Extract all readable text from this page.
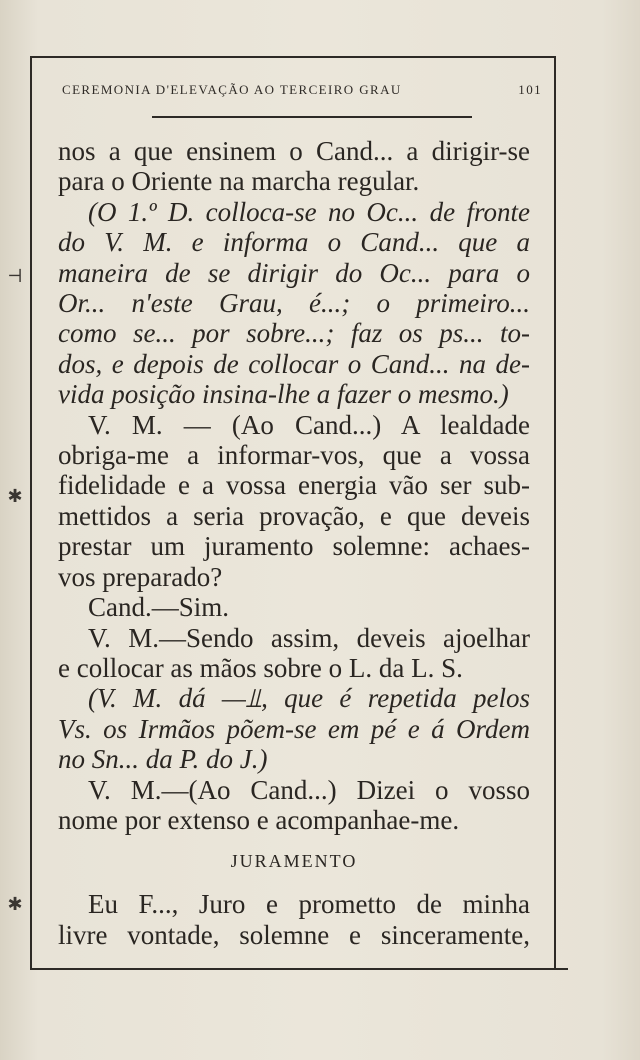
⊣
✱
✱
CEREMONIA D'ELEVAÇÃO AO TERCEIRO GRAU	101
nos a que ensinem o Cand... a dirigir-se
para o Oriente na marcha regular.
(O 1.º D. colloca-se no Oc... de fronte
do V. M. e informa o Cand... que a
maneira de se dirigir do Oc... para o
Or... n'este Grau, é...; o primeiro...
como se... por sobre...; faz os ps... to-
dos, e depois de collocar o Cand... na de-
vida posição insina-lhe a fazer o mesmo.)
V. M. — (Ao Cand...) A lealdade
obriga-me a informar-vos, que a vossa
fidelidade e a vossa energia vão ser sub-
mettidos a seria provação, e que deveis
prestar um juramento solemne: achaes-
vos preparado?
Cand.—Sim.
V. M.—Sendo assim, deveis ajoelhar
e collocar as mãos sobre o L. da L. S.
(V. M. dá —⫫, que é repetida pelos
Vs. os Irmãos põem-se em pé e á Ordem
no Sn... da P. do J.)
V. M.—(Ao Cand...) Dizei o vosso
nome por extenso e acompanhae-me.
JURAMENTO
Eu F..., Juro e prometto de minha
livre vontade, solemne e sinceramente,
